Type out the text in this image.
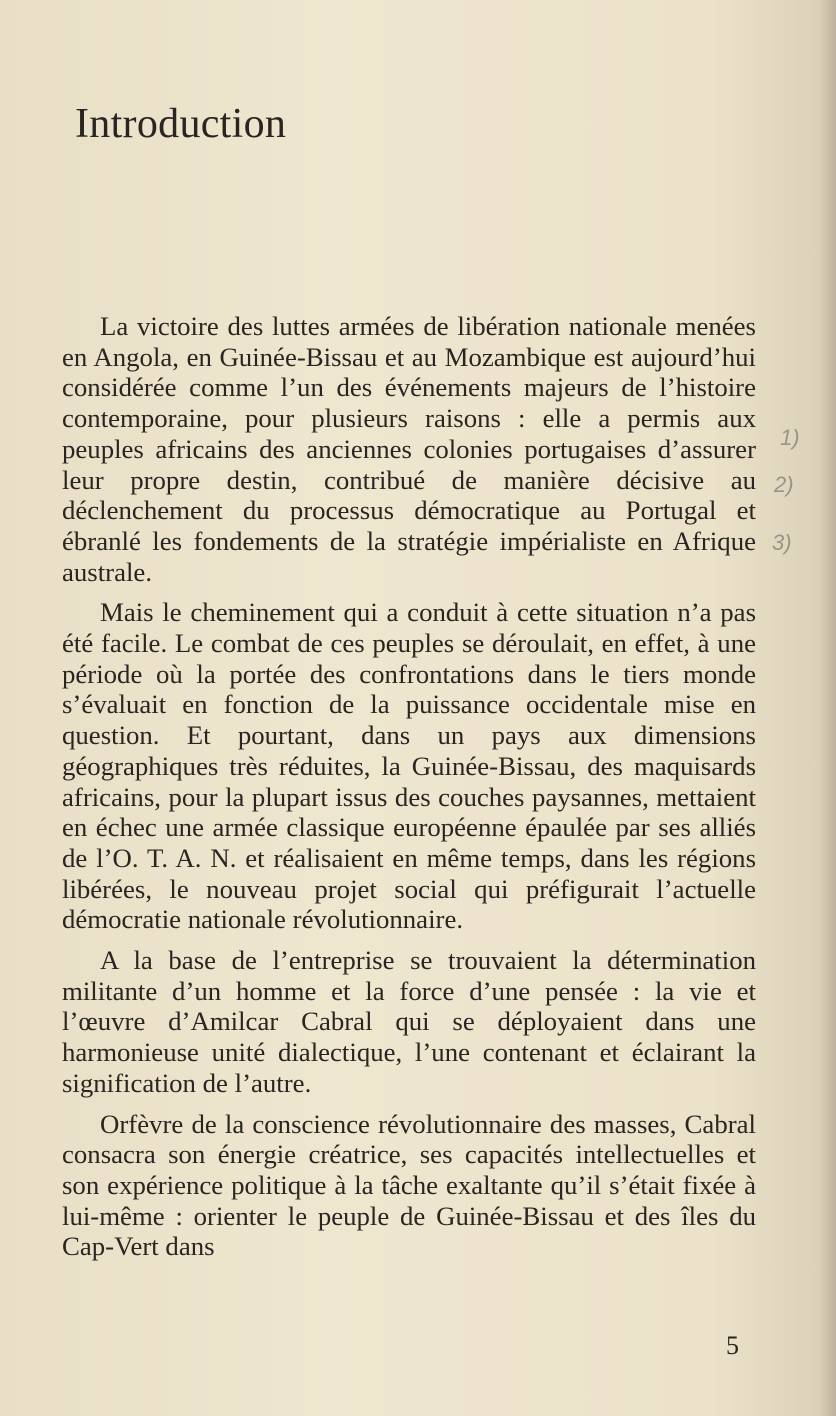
Introduction

La victoire des luttes armées de libération nationale menées en Angola, en Guinée-Bissau et au Mozambique est aujourd’hui considérée comme l’un des événements majeurs de l’histoire contemporaine, pour plusieurs raisons : elle a permis aux peuples africains des anciennes colonies portugaises d’assurer leur propre destin, contribué de manière décisive au déclenchement du processus démocratique au Portugal et ébranlé les fondements de la stratégie impérialiste en Afrique australe.

Mais le cheminement qui a conduit à cette situation n’a pas été facile. Le combat de ces peuples se déroulait, en effet, à une période où la portée des confrontations dans le tiers monde s’évaluait en fonction de la puissance occidentale mise en question. Et pourtant, dans un pays aux dimensions géographiques très réduites, la Guinée-Bissau, des maquisards africains, pour la plupart issus des couches paysannes, mettaient en échec une armée classique européenne épaulée par ses alliés de l’O. T. A. N. et réalisaient en même temps, dans les régions libérées, le nouveau projet social qui préfigurait l’actuelle démocratie nationale révolutionnaire.

A la base de l’entreprise se trouvaient la détermination militante d’un homme et la force d’une pensée : la vie et l’œuvre d’Amilcar Cabral qui se déployaient dans une harmonieuse unité dialectique, l’une contenant et éclairant la signification de l’autre.

Orfèvre de la conscience révolutionnaire des masses, Cabral consacra son énergie créatrice, ses capacités intellectuelles et son expérience politique à la tâche exaltante qu’il s’était fixée à lui-même : orienter le peuple de Guinée-Bissau et des îles du Cap-Vert dans

1)
2)
3)
5
